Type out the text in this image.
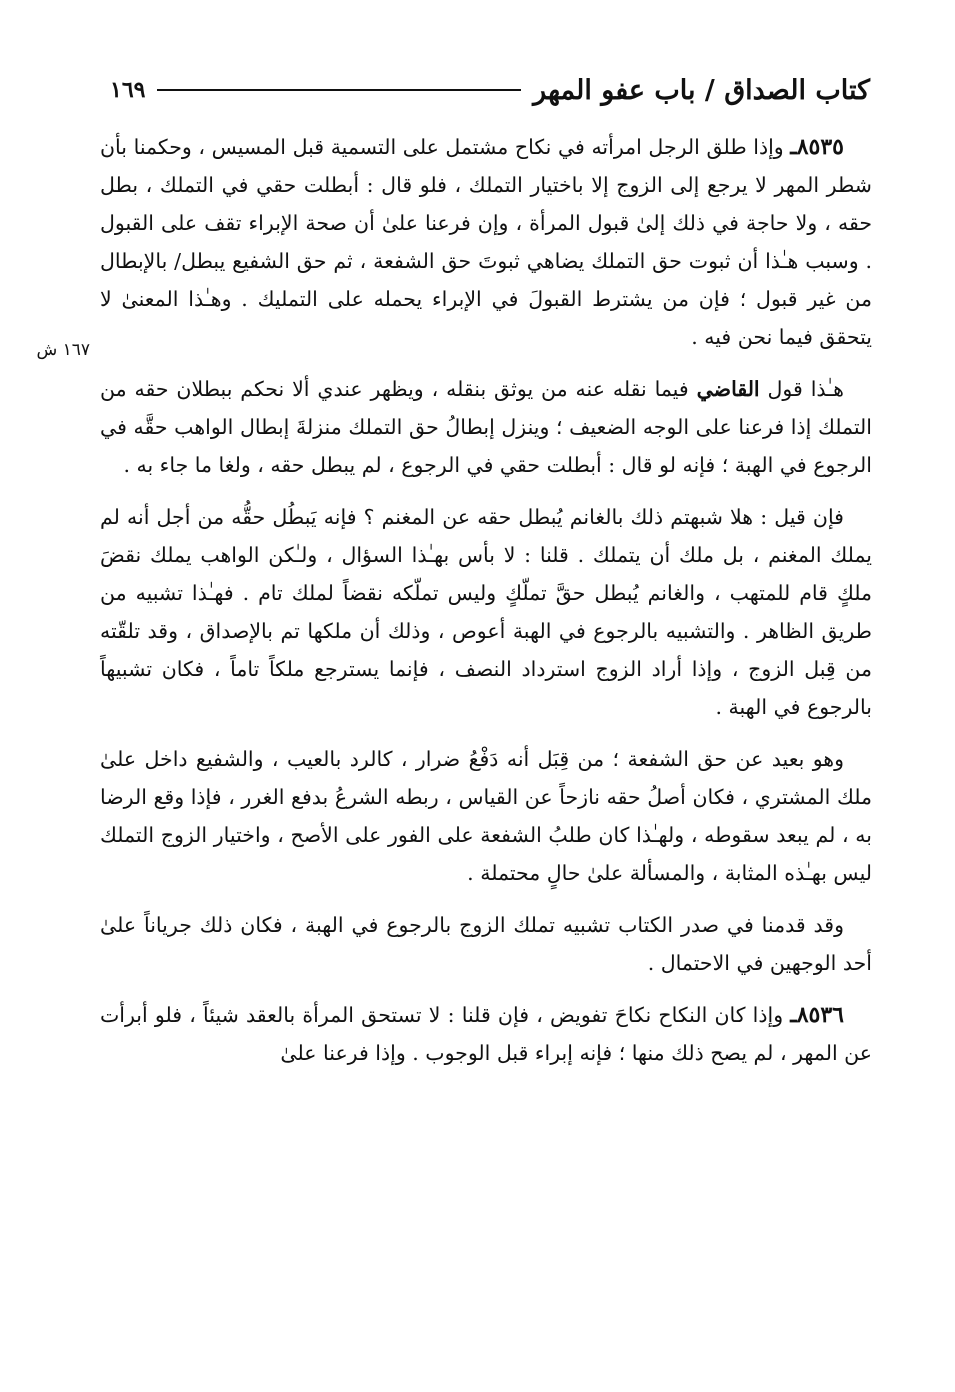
كتاب الصداق / باب عفو المهر
١٦٩
١٦٧ ش

٨٥٣٥ـ وإذا طلق الرجل امرأته في نكاح مشتمل على التسمية قبل المسيس ، وحكمنا بأن شطر المهر لا يرجع إلى الزوج إلا باختيار التملك ، فلو قال : أبطلت حقي في التملك ، بطل حقه ، ولا حاجة في ذلك إلىٰ قبول المرأة ، وإن فرعنا علىٰ أن صحة الإبراء تقف على القبول . وسبب هـٰذا أن ثبوت حق التملك يضاهي ثبوتَ حق الشفعة ، ثم حق الشفيع يبطل/ بالإبطال من غير قبول ؛ فإن من يشترط القبولَ في الإبراء يحمله على التمليك . وهـٰذا المعنىٰ لا يتحقق فيما نحن فيه .

هـٰذا قول القاضي فيما نقله عنه من يوثق بنقله ، ويظهر عندي ألا نحكم ببطلان حقه من التملك إذا فرعنا على الوجه الضعيف ؛ وينزل إبطالُ حق التملك منزلةَ إبطال الواهب حقَّه في الرجوع في الهبة ؛ فإنه لو قال : أبطلت حقي في الرجوع ، لم يبطل حقه ، ولغا ما جاء به .

فإن قيل : هلا شبهتم ذلك بالغانم يُبطل حقه عن المغنم ؟ فإنه يَبطُل حقُّه من أجل أنه لم يملك المغنم ، بل ملك أن يتملك . قلنا : لا بأس بهـٰذا السؤال ، ولـٰكن الواهب يملك نقضَ ملكٍ قام للمتهب ، والغانم يُبطل حقَّ تملّكٍ وليس تملّكه نقضاً لملك تام . فهـٰذا تشبيه من طريق الظاهر . والتشبيه بالرجوع في الهبة أعوص ، وذلك أن ملكها تم بالإصداق ، وقد تلقّته من قِبل الزوج ، وإذا أراد الزوج استرداد النصف ، فإنما يسترجع ملكاً تاماً ، فكان تشبيهاً بالرجوع في الهبة .

وهو بعيد عن حق الشفعة ؛ من قِبَل أنه دَفْعُ ضرار ، كالرد بالعيب ، والشفيع داخل علىٰ ملك المشتري ، فكان أصلُ حقه نازحاً عن القياس ، ربطه الشرعُ بدفع الغرر ، فإذا وقع الرضا به ، لم يبعد سقوطه ، ولهـٰذا كان طلبُ الشفعة على الفور على الأصح ، واختيار الزوج التملك ليس بهـٰذه المثابة ، والمسألة علىٰ حالٍ محتملة .

وقد قدمنا في صدر الكتاب تشبيه تملك الزوج بالرجوع في الهبة ، فكان ذلك جرياناً علىٰ أحد الوجهين في الاحتمال .

٨٥٣٦ـ وإذا كان النكاح نكاحَ تفويض ، فإن قلنا : لا تستحق المرأة بالعقد شيئاً ، فلو أبرأت عن المهر ، لم يصح ذلك منها ؛ فإنه إبراء قبل الوجوب . وإذا فرعنا علىٰ
